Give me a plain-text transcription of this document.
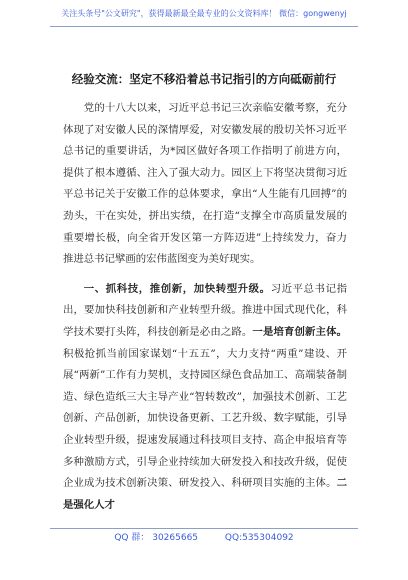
关注头条号"公文研究"，获得最新最全最专业的公文资料库！ 微信：gongwenyj
经验交流：坚定不移沿着总书记指引的方向砥砺前行

党的十八大以来，习近平总书记三次亲临安徽考察，充分体现了对安徽人民的深情厚爱，对安徽发展的殷切关怀习近平总书记的重要讲话，为*园区做好各项工作指明了前进方向，提供了根本遵循、注入了强大动力。园区上下将坚决贯彻习近平总书记关于安徽工作的总体要求，拿出“人生能有几回搏”的劲头，干在实处，拼出实绩，在打造“支撑全市高质量发展的重要增长极，向全省开发区第一方阵迈进”上持续发力，奋力推进总书记擘画的宏伟蓝图变为美好现实。

一、抓科技，推创新，加快转型升级。习近平总书记指出，要加快科技创新和产业转型升级。推进中国式现代化，科学技术要打头阵，科技创新是必由之路。一是培育创新主体。积极抢抓当前国家谋划“十五五”，大力支持“两重”建设、开展“两新”工作有力契机，支持园区绿色食品加工、高端装备制造、绿色造纸三大主导产业“智转数改”，加强技术创新、工艺创新、产品创新，加快设备更新、工艺升级、数字赋能，引导企业转型升级，提速发展通过科技项目支持、高企申报培育等多种激励方式，引导企业持续加大研发投入和技改升级，促使企业成为技术创新决策、研发投入、科研项目实施的主体。二是强化人才

QQ 群： 30265665	QQ:535304092
